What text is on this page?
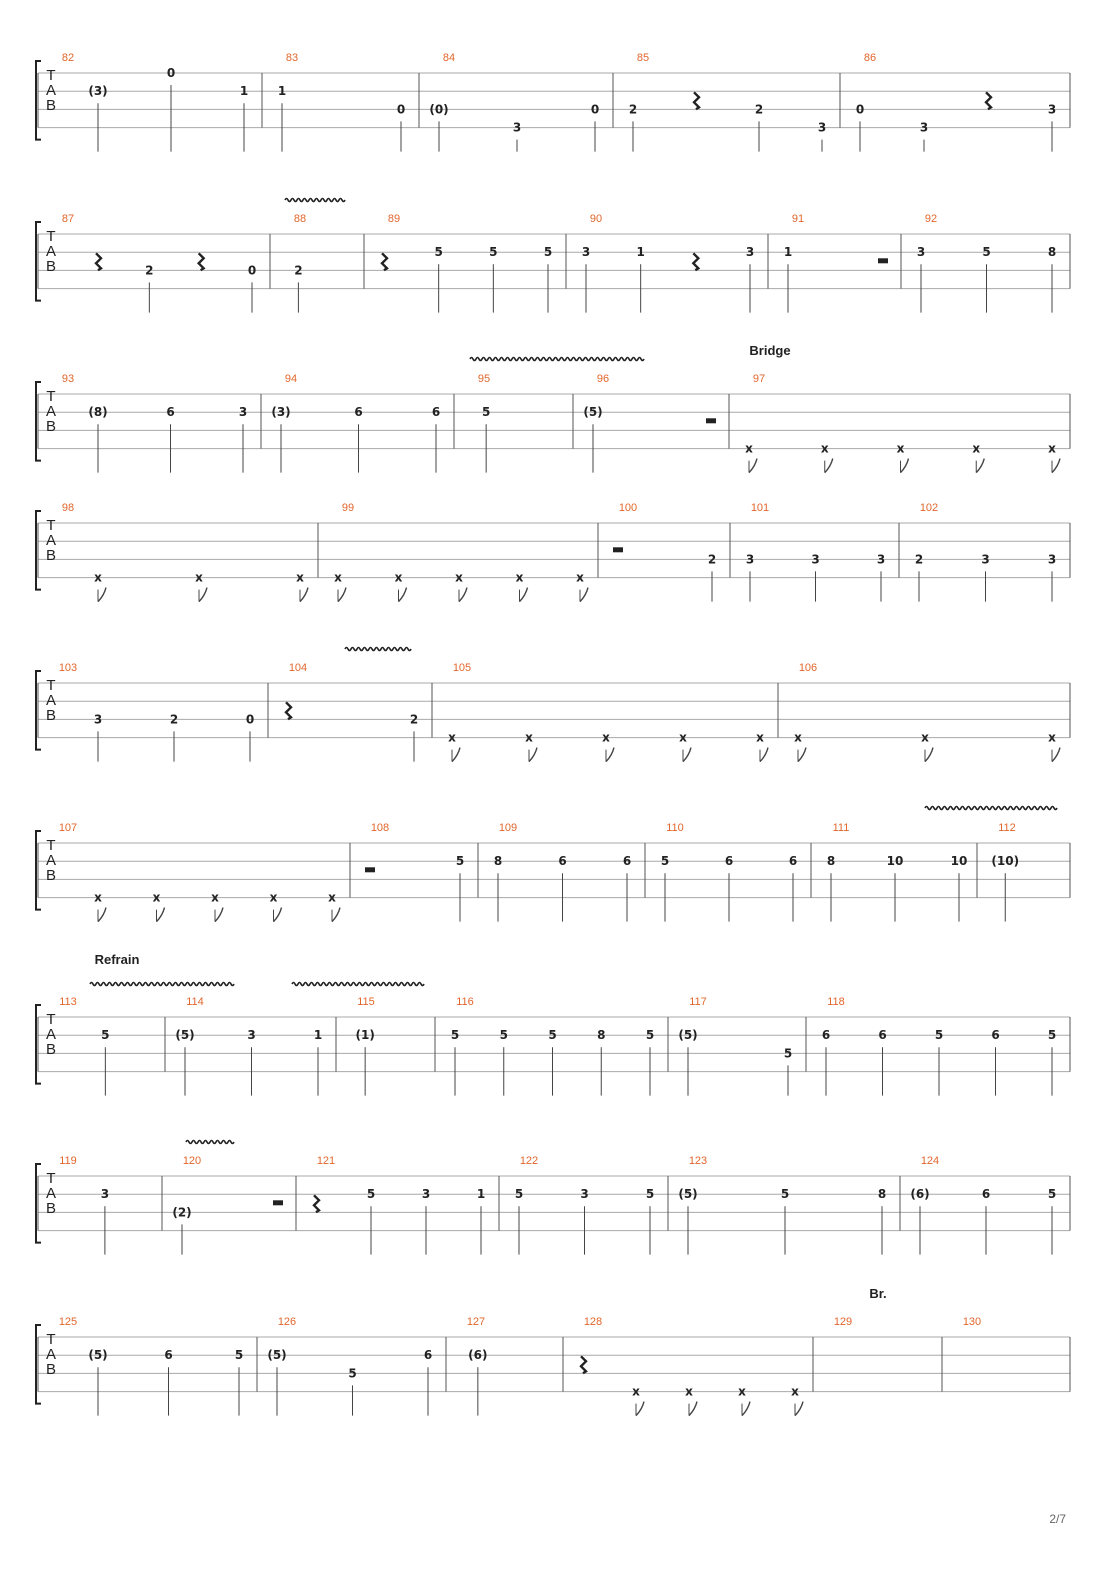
T
A
B
82
(3)
0
1
83
1
0
84
(0)
3
0
85
2	2
3
86
0
3
3
T
A
B
87
2	0
88
2
89
5	5	5
90
3	1	3
91
1
92
3	5	8
T
A
B
93
(8)	6	3
94
(3)	6	6
95
5
96
(5)
97
x	x	x	x	x
T
A
B
98
x	x	x
99
x	x	x	x	x
100
2
101
3	3	3
102
2	3	3
T
A
B
103
3	2	0
104
2
105
x	x	x	x	x
106
x	x	x
T
A
B
107
x	x	x	x	x
108
5
109
8	6	6
110
5	6	6
111
8	10	10
112
(10)
T
A
B
113
5
114
(5)	3	1
115
(1)
116
5	5	5	8	5
117
(5)
5
118
6	6	5	6	5
T
A
B
119
3
120
(2)
121
5	3	1
122
5	3	5
123
(5)	5	8
124
(6)	6	5
T
A
B
125
(5)	6	5
126
(5)
5
6
127
(6)
128
x	x	x	x
129	130
Bridge
Refrain
Br.
2/7
